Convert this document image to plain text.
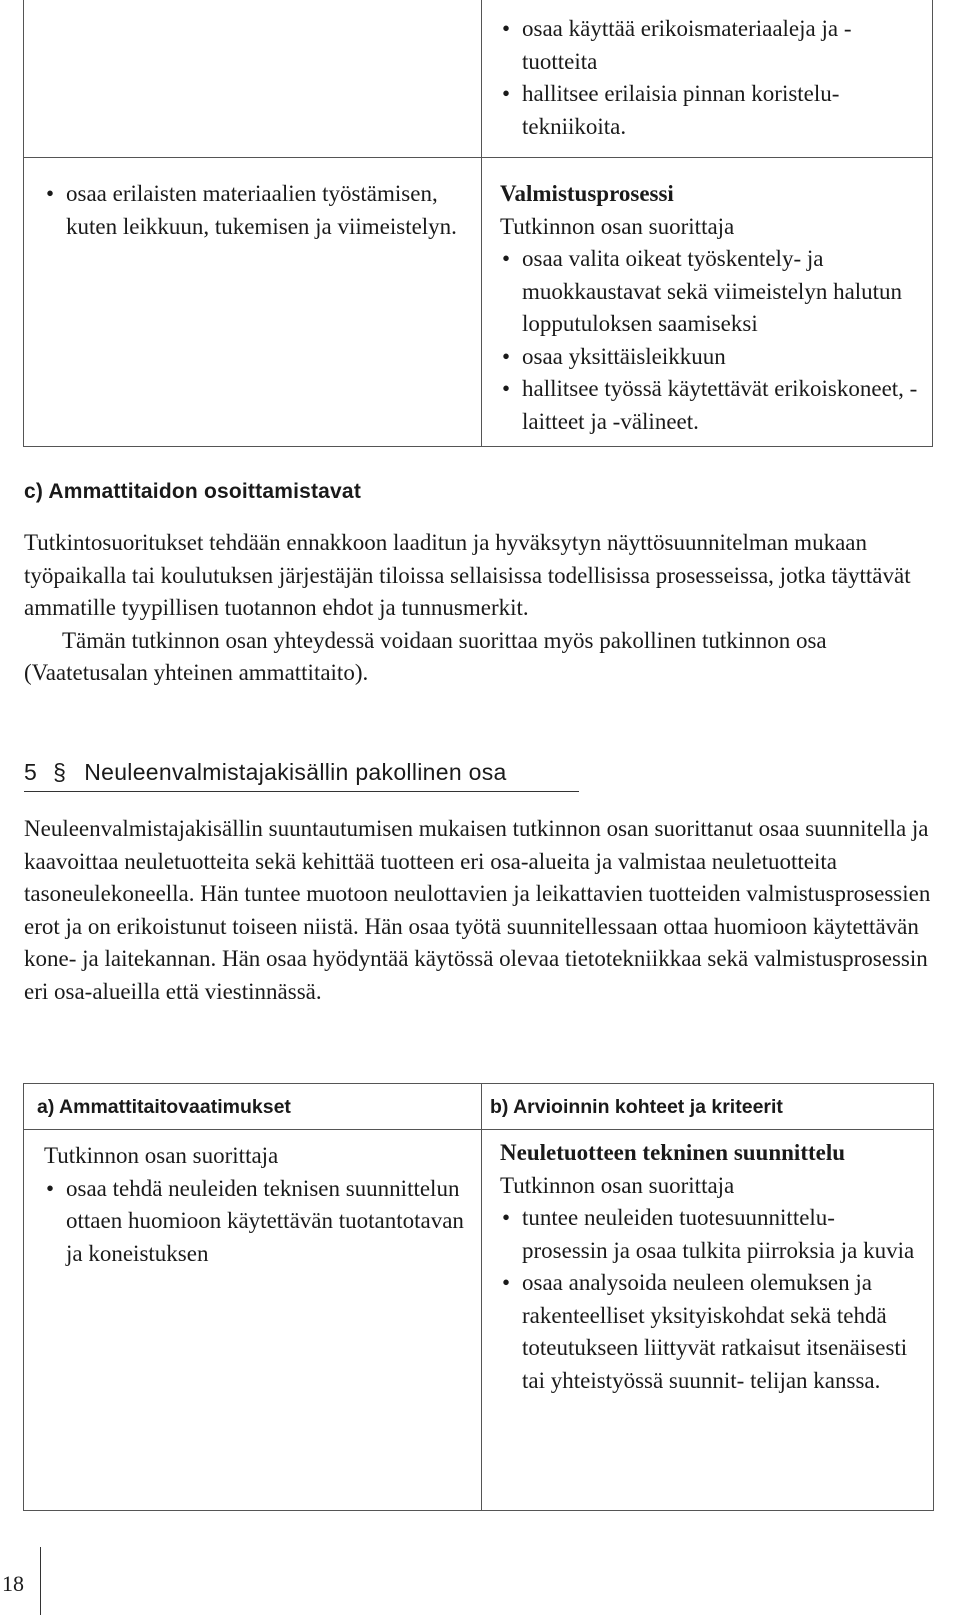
• osaa käyttää erikoismateriaaleja ja -tuotteita
• hallitsee erilaisia pinnan koristelu- tekniikoita.
• osaa erilaisten materiaalien työstämisen, kuten leikkuun, tukemisen ja viimeistelyn.
Valmistusprosessi
Tutkinnon osan suorittaja
• osaa valita oikeat työskentely- ja muokkaustavat sekä viimeistelyn halutun lopputuloksen saamiseksi
• osaa yksittäisleikkuun
• hallitsee työssä käytettävät erikoiskoneet, -laitteet ja -välineet.
c) Ammattitaidon osoittamistavat

Tutkintosuoritukset tehdään ennakkoon laaditun ja hyväksytyn näyttösuunnitelman mukaan työpaikalla tai koulutuksen järjestäjän tiloissa sellaisissa todellisissa prosesseissa, jotka täyttävät ammatille tyypillisen tuotannon ehdot ja tunnusmerkit.

Tämän tutkinnon osan yhteydessä voidaan suorittaa myös pakollinen tutkinnon osa (Vaatetusalan yhteinen ammattitaito).

5 § Neuleenvalmistajakisällin pakollinen osa

Neuleenvalmistajakisällin suuntautumisen mukaisen tutkinnon osan suorittanut osaa suunnitella ja kaavoittaa neuletuotteita sekä kehittää tuotteen eri osa-alueita ja valmistaa neuletuotteita tasoneulekoneella. Hän tuntee muotoon neulottavien ja leikattavien tuotteiden valmistusprosessien erot ja on erikoistunut toiseen niistä. Hän osaa työtä suunnitellessaan ottaa huomioon käytettävän kone- ja laitekannan. Hän osaa hyödyntää käytössä olevaa tietotekniikkaa sekä valmistusprosessin eri osa-alueilla että viestinnässä.

a) Ammattitaitovaatimukset	b) Arvioinnin kohteet ja kriteerit
Tutkinnon osan suorittaja
• osaa tehdä neuleiden teknisen suunnittelun ottaen huomioon käytettävän tuotantotavan ja koneistuksen
Neuletuotteen tekninen suunnittelu
Tutkinnon osan suorittaja
• tuntee neuleiden tuotesuunnittelu- prosessin ja osaa tulkita piirroksia ja kuvia
• osaa analysoida neuleen olemuksen ja rakenteelliset yksityiskohdat sekä tehdä toteutukseen liittyvät ratkaisut itsenäisesti tai yhteistyössä suunnit- telijan kanssa.
18
